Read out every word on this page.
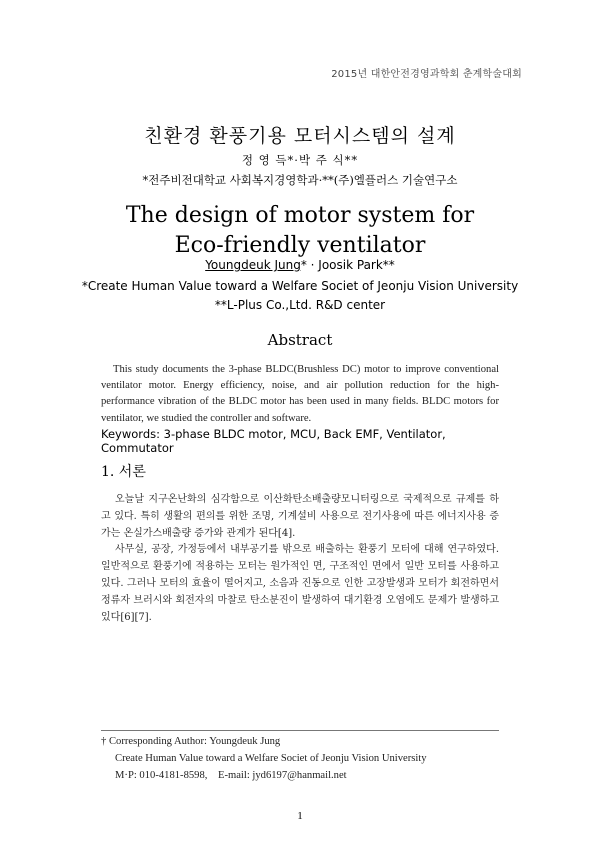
2015년 대한안전경영과학회 춘계학술대회
친환경 환풍기용 모터시스템의 설계
정 영 득*·박 주 식**
*전주비전대학교 사회복지경영학과·**(주)엘플러스 기술연구소
The design of motor system for Eco-friendly ventilator
Youngdeuk Jung* · Joosik Park**
*Create Human Value toward a Welfare Societ of Jeonju Vision University
**L-Plus Co.,Ltd. R&D center
Abstract

This study documents the 3-phase BLDC(Brushless DC) motor to improve conventional ventilator motor. Energy efficiency, noise, and air pollution reduction for the high-performance vibration of the BLDC motor has been used in many fields. BLDC motors for ventilator, we studied the controller and software.

Keywords: 3-phase BLDC motor, MCU, Back EMF, Ventilator, Commutator
1. 서론

오늘날 지구온난화의 심각함으로 이산화탄소배출량모니터링으로 국제적으로 규제를 하고 있다. 특히 생활의 편의를 위한 조명, 기계설비 사용으로 전기사용에 따른 에너지사용 증가는 온실가스배출량 증가와 관계가 된다[4].

사무실, 공장, 가정등에서 내부공기를 밖으로 배출하는 환풍기 모터에 대해 연구하였다. 일반적으로 환풍기에 적용하는 모터는 원가적인 면, 구조적인 면에서 일반 모터를 사용하고 있다. 그러나 모터의 효율이 떨어지고, 소음과 진동으로 인한 고장발생과 모터가 회전하면서 정류자 브러시와 회전자의 마찰로 탄소분진이 발생하여 대기환경 오염에도 문제가 발생하고 있다[6][7].

† Corresponding Author: Youngdeuk Jung
Create Human Value toward a Welfare Societ of Jeonju Vision University
M·P: 010-4181-8598,    E-mail: jyd6197@hanmail.net
1
